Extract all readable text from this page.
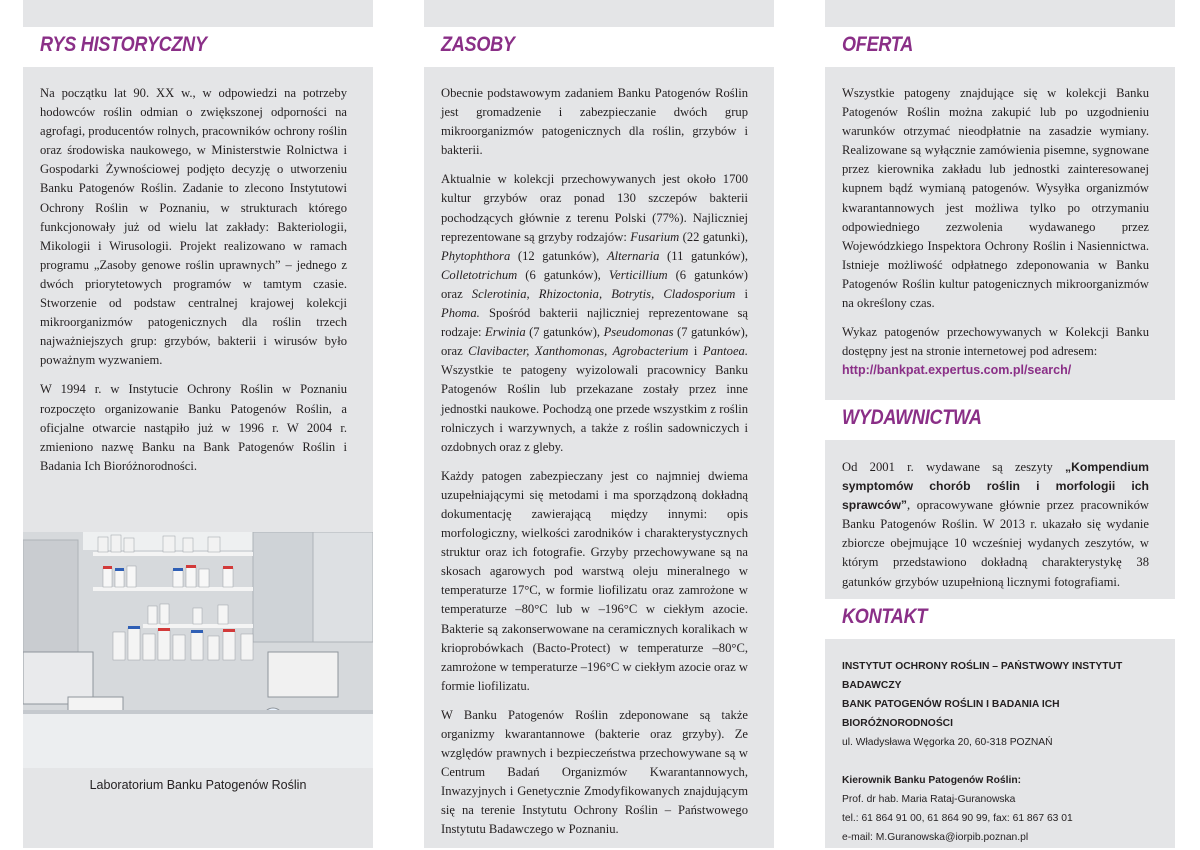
RYS HISTORYCZNY

Na początku lat 90. XX w., w odpowiedzi na potrzeby hodowców roślin odmian o zwiększonej odporności na agrofagi, producentów rolnych, pracowników ochrony roślin oraz środowiska naukowego, w Ministerstwie Rolnictwa i Gospodarki Żywnościowej podjęto decyzję o utworzeniu Banku Patogenów Roślin. Zadanie to zlecono Instytutowi Ochrony Roślin w Poznaniu, w strukturach którego funkcjonowały już od wielu lat zakłady: Bakteriologii, Mikologii i Wirusologii. Projekt realizowano w ramach programu „Zasoby genowe roślin uprawnych” – jednego z dwóch priorytetowych programów w tamtym czasie. Stworzenie od podstaw centralnej krajowej kolekcji mikroorganizmów patogenicznych dla roślin trzech najważniejszych grup: grzybów, bakterii i wirusów było poważnym wyzwaniem.

W 1994 r. w Instytucie Ochrony Roślin w Poznaniu rozpoczęto organizowanie Banku Patogenów Roślin, a oficjalne otwarcie nastąpiło już w 1996 r. W 2004 r. zmieniono nazwę Banku na Bank Patogenów Roślin i Badania Ich Bioróżnorodności.

Laboratorium Banku Patogenów Roślin
ZASOBY

Obecnie podstawowym zadaniem Banku Patogenów Roślin jest gromadzenie i zabezpieczanie dwóch grup mikroorganizmów patogenicznych dla roślin, grzybów i bakterii.

Aktualnie w kolekcji przechowywanych jest około 1700 kultur grzybów oraz ponad 130 szczepów bakterii pochodzących głównie z terenu Polski (77%). Najliczniej reprezentowane są grzyby rodzajów: Fusarium (22 gatunki), Phytophthora (12 gatunków), Alternaria (11 gatunków), Colletotrichum (6 gatunków), Verticillium (6 gatunków) oraz Sclerotinia, Rhizoctonia, Botrytis, Cladosporium i Phoma. Spośród bakterii najliczniej reprezentowane są rodzaje: Erwinia (7 gatunków), Pseudomonas (7 gatunków), oraz Clavibacter, Xanthomonas, Agrobacterium i Pantoea. Wszystkie te patogeny wyizolowali pracownicy Banku Patogenów Roślin lub przekazane zostały przez inne jednostki naukowe. Pochodzą one przede wszystkim z roślin rolniczych i warzywnych, a także z roślin sadowniczych i ozdobnych oraz z gleby.

Każdy patogen zabezpieczany jest co najmniej dwiema uzupełniającymi się metodami i ma sporządzoną dokładną dokumentację zawierającą między innymi: opis morfologiczny, wielkości zarodników i charakterystycznych struktur oraz ich fotografie. Grzyby przechowywane są na skosach agarowych pod warstwą oleju mineralnego w temperaturze 17°C, w formie liofilizatu oraz zamrożone w temperaturze –80°C lub w –196°C w ciekłym azocie. Bakterie są zakonserwowane na ceramicznych koralikach w krioprobówkach (Bacto-Protect) w temperaturze –80°C, zamrożone w temperaturze –196°C w ciekłym azocie oraz w formie liofilizatu.

W Banku Patogenów Roślin zdeponowane są także organizmy kwarantannowe (bakterie oraz grzyby). Ze względów prawnych i bezpieczeństwa przechowywane są w Centrum Badań Organizmów Kwarantannowych, Inwazyjnych i Genetycznie Zmodyfikowanych znajdującym się na terenie Instytutu Ochrony Roślin – Państwowego Instytutu Badawczego w Poznaniu.

OFERTA

Wszystkie patogeny znajdujące się w kolekcji Banku Patogenów Roślin można zakupić lub po uzgodnieniu warunków otrzymać nieodpłatnie na zasadzie wymiany. Realizowane są wyłącznie zamówienia pisemne, sygnowane przez kierownika zakładu lub jednostki zainteresowanej kupnem bądź wymianą patogenów. Wysyłka organizmów kwarantannowych jest możliwa tylko po otrzymaniu odpowiedniego zezwolenia wydawanego przez Wojewódzkiego Inspektora Ochrony Roślin i Nasiennictwa. Istnieje możliwość odpłatnego zdeponowania w Banku Patogenów Roślin kultur patogenicznych mikroorganizmów na określony czas.

Wykaz patogenów przechowywanych w Kolekcji Banku dostępny jest na stronie internetowej pod adresem:
http://bankpat.expertus.com.pl/search/

WYDAWNICTWA

Od 2001 r. wydawane są zeszyty „Kompendium symptomów chorób roślin i morfologii ich sprawców”, opracowywane głównie przez pracowników Banku Patogenów Roślin. W 2013 r. ukazało się wydanie zbiorcze obejmujące 10 wcześniej wydanych zeszytów, w którym przedstawiono dokładną charakterystykę 38 gatunków grzybów uzupełnioną licznymi fotografiami.

KONTAKT
INSTYTUT OCHRONY ROŚLIN – PAŃSTWOWY INSTYTUT BADAWCZY
BANK PATOGENÓW ROŚLIN I BADANIA ICH BIORÓŻNORODNOŚCI
ul. Władysława Węgorka 20, 60-318 POZNAŃ
Kierownik Banku Patogenów Roślin:
Prof. dr hab. Maria Rataj-Guranowska
tel.: 61 864 91 00, 61 864 90 99, fax: 61 867 63 01
e-mail: M.Guranowska@iorpib.poznan.pl
